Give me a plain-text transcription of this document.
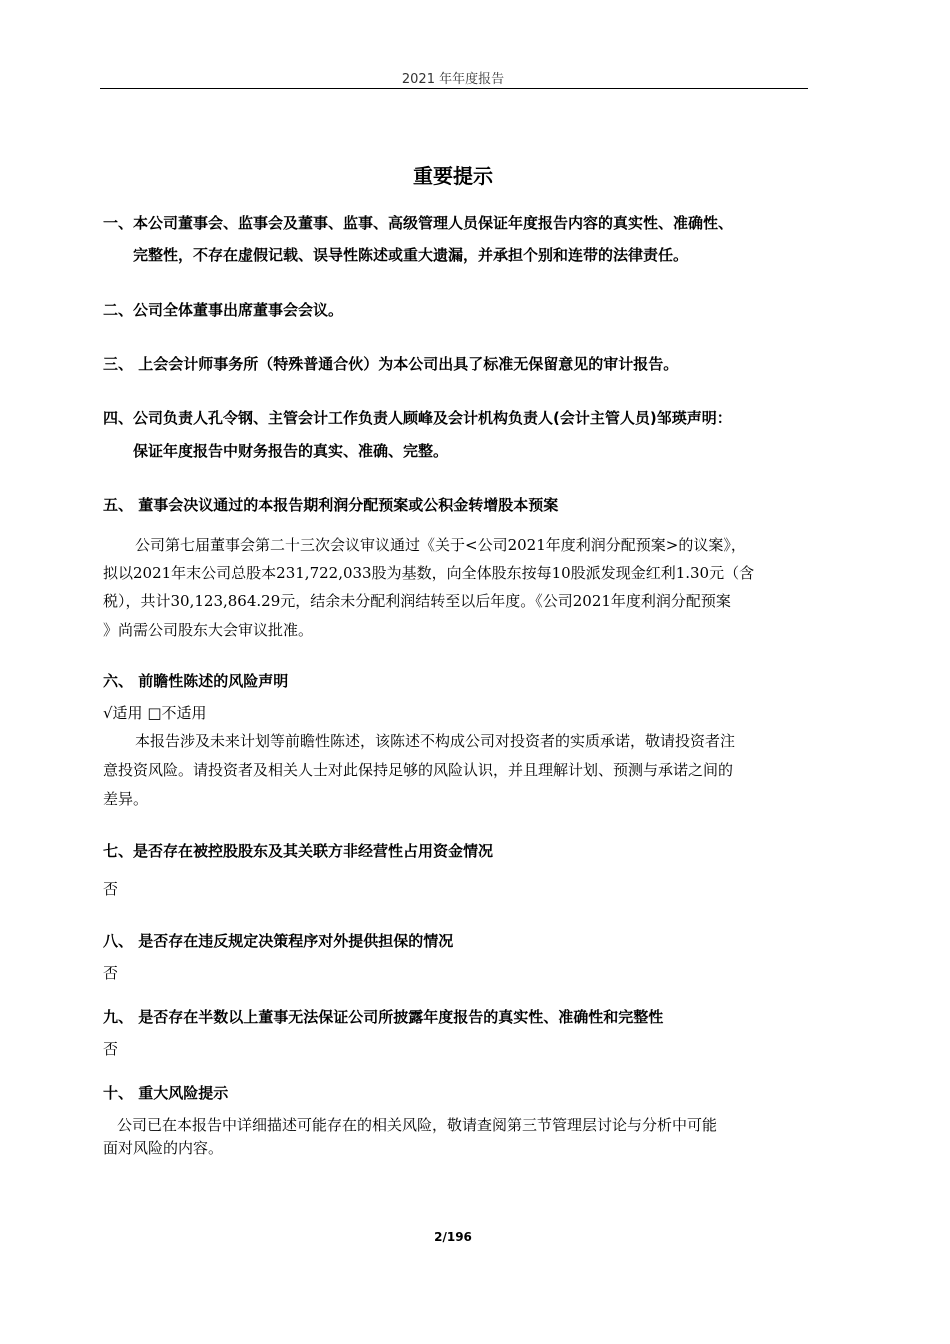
2021 年年度报告
重要提示
一、本公司董事会、监事会及董事、监事、高级管理人员保证年度报告内容的真实性、准确性、
完整性，不存在虚假记载、误导性陈述或重大遗漏，并承担个别和连带的法律责任。
二、公司全体董事出席董事会会议。
三、 上会会计师事务所（特殊普通合伙）为本公司出具了标准无保留意见的审计报告。
四、公司负责人孔令钢、主管会计工作负责人顾峰及会计机构负责人(会计主管人员)邹瑛声明：
保证年度报告中财务报告的真实、准确、完整。
五、 董事会决议通过的本报告期利润分配预案或公积金转增股本预案
公司第七届董事会第二十三次会议审议通过《关于<公司2021年度利润分配预案>的议案》，
拟以2021年末公司总股本231,722,033股为基数，向全体股东按每10股派发现金红利1.30元（含
税），共计30,123,864.29元，结余未分配利润结转至以后年度。《公司2021年度利润分配预案
》尚需公司股东大会审议批准。
六、 前瞻性陈述的风险声明
√适用 □不适用
本报告涉及未来计划等前瞻性陈述，该陈述不构成公司对投资者的实质承诺，敬请投资者注
意投资风险。请投资者及相关人士对此保持足够的风险认识，并且理解计划、预测与承诺之间的
差异。
七、是否存在被控股股东及其关联方非经营性占用资金情况
否
八、 是否存在违反规定决策程序对外提供担保的情况
否
九、 是否存在半数以上董事无法保证公司所披露年度报告的真实性、准确性和完整性
否
十、 重大风险提示
公司已在本报告中详细描述可能存在的相关风险，敬请查阅第三节管理层讨论与分析中可能
面对风险的内容。
2/196
